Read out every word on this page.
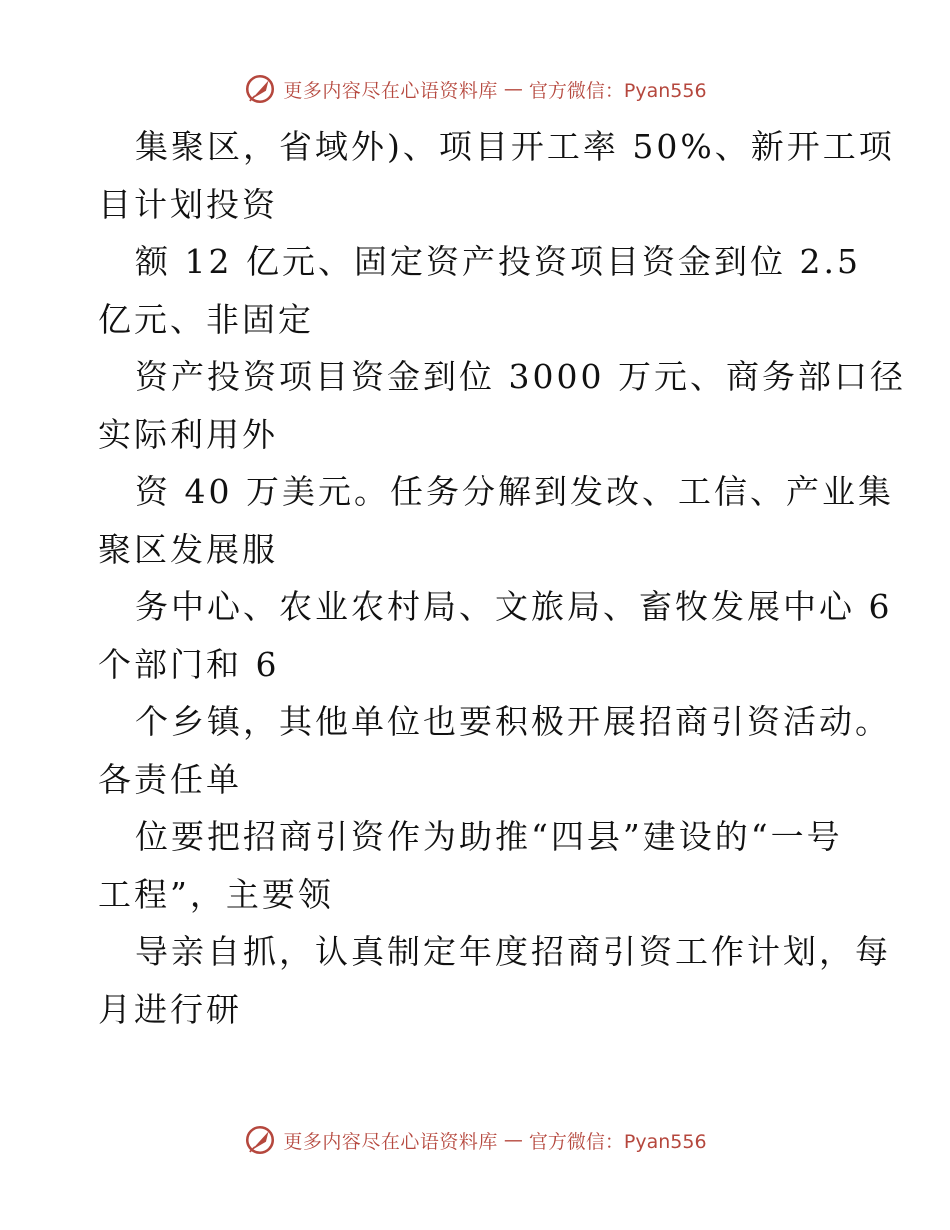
更多内容尽在心语资料库 — 官方微信：Pyan556
集聚区，省域外)、项目开工率 50%、新开工项
目计划投资
额 12 亿元、固定资产投资项目资金到位 2.5
亿元、非固定
资产投资项目资金到位 3000 万元、商务部口径
实际利用外
资 40 万美元。任务分解到发改、工信、产业集
聚区发展服
务中心、农业农村局、文旅局、畜牧发展中心 6
个部门和 6
个乡镇，其他单位也要积极开展招商引资活动。
各责任单
位要把招商引资作为助推“四县”建设的“一号
工程”，主要领
导亲自抓，认真制定年度招商引资工作计划，每
月进行研
更多内容尽在心语资料库 — 官方微信：Pyan556
